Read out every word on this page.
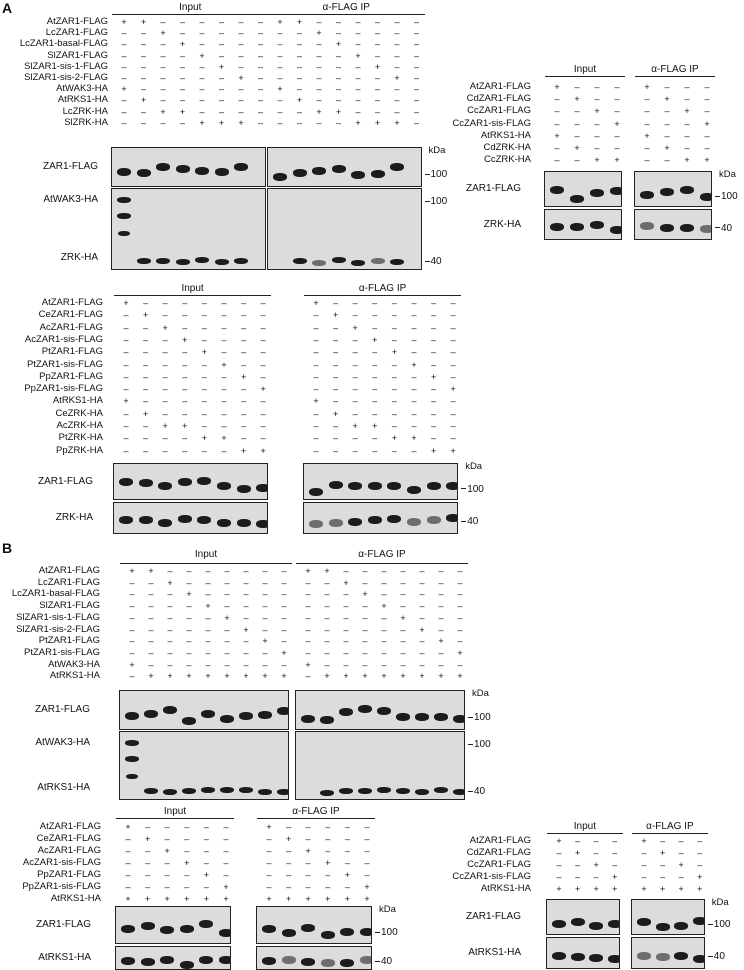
A
B
Input	α-FLAG IP
AtZAR1-FLAG + + – – – – – – + + – – – – – –
LcZAR1-FLAG – – + – – – – – – – + – – – – –
LcZAR1-basal-FLAG – – – + – – – – – – – + – – – –
SlZAR1-FLAG – – – – + – – – – – – – + – – –
SlZAR1-sis-1-FLAG – – – – – + – – – – – – – + – –
SlZAR1-sis-2-FLAG – – – – – – + – – – – – – – + –
AtWAK3-HA + – – – – – – – + – – – – – – –
AtRKS1-HA – + – – – – – – – + – – – – – –
LcZRK-HA – – + + – – – – – – + + – – – –
SlZRK-HA – – – – + + + – – – – – + + + –
ZAR1-FLAG
AtWAK3-HA
ZRK-HA
kDa
100
100
40
Input	α-FLAG IP
AtZAR1-FLAG	+ – – –	+ – – –
CdZAR1-FLAG	– + – –	– + – –
CcZAR1-FLAG	– – + –	– – + –
CcZAR1-sis-FLAG	– – – +	– – – +
AtRKS1-HA	+ – – –	+ – – –
CdZRK-HA	– + – –	– + – –
CcZRK-HA	– – + +	– – + +
ZAR1-FLAG
ZRK-HA
kDa
100
40
Input	α-FLAG IP
AtZAR1-FLAG + – – – – – – –	+ – – – – – – –
CeZAR1-FLAG – + – – – – – –	– + – – – – – –
AcZAR1-FLAG – – + – – – – –	– – + – – – – –
AcZAR1-sis-FLAG – – – + – – – –	– – – + – – – –
PtZAR1-FLAG – – – – + – – –	– – – – + – – –
PtZAR1-sis-FLAG – – – – – + – –	– – – – – + – –
PpZAR1-FLAG – – – – – – + –	– – – – – – + –
PpZAR1-sis-FLAG – – – – – – – +	– – – – – – – +
AtRKS1-HA + – – – – – – –	+ – – – – – – –
CeZRK-HA – + – – – – – –	– + – – – – – –
AcZRK-HA – – + + – – – –	– – + + – – – –
PtZRK-HA – – – – + + – –	– – – – + + – –
PpZRK-HA – – – – – – + +	– – – – – – + +
ZAR1-FLAG
ZRK-HA
kDa
100
40
Input	α-FLAG IP
AtZAR1-FLAG	+ + – – – – – – – + + – – – – – – –
LcZAR1-FLAG	– – + – – – – – – – – + – – – – – –
LcZAR1-basal-FLAG	– – – + – – – – – – – – + – – – – –
SlZAR1-FLAG	– – – – + – – – – – – – – + – – – –
SlZAR1-sis-1-FLAG	– – – – – + – – – – – – – – + – – –
SlZAR1-sis-2-FLAG	– – – – – – + – – – – – – – – + – –
PtZAR1-FLAG	– – – – – – – + – – – – – – – – + –
PtZAR1-sis-FLAG	– – – – – – – – + – – – – – – – – +
AtWAK3-HA	+ – – – – – – – – + – – – – – – – –
AtRKS1-HA	– + + + + + + + + – + + + + + + + +
ZAR1-FLAG
AtWAK3-HA
AtRKS1-HA
kDa
100
100
40
Input	α-FLAG IP
AtZAR1-FLAG	+ – – – – –	+ – – – – –
CeZAR1-FLAG	– + – – – –	– + – – – –
AcZAR1-FLAG	– – + – – –	– – + – – –
AcZAR1-sis-FLAG	– – – + – –	– – – + – –
PpZAR1-FLAG	– – – – + –	– – – – + –
PpZAR1-sis-FLAG	– – – – – +	– – – – – +
AtRKS1-HA	+ + + + + +	+ + + + + +
ZAR1-FLAG
AtRKS1-HA
kDa
100
40
Input	α-FLAG IP
AtZAR1-FLAG	+ – – –	+ – – –
CdZAR1-FLAG	– + – –	– + – –
CcZAR1-FLAG	– – + –	– – + –
CcZAR1-sis-FLAG	– – – +	– – – +
AtRKS1-HA	+ + + +	+ + + +
ZAR1-FLAG
AtRKS1-HA
kDa
100
40
